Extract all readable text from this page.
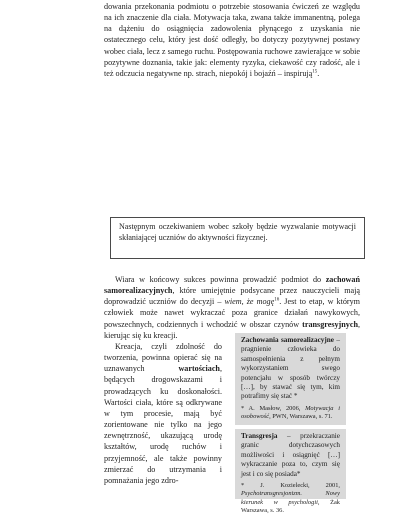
dowania przekonania podmiotu o potrzebie stosowania ćwiczeń ze względu na ich znaczenie dla ciała. Motywacja taka, zwana także immanentną, polega na dążeniu do osiągnięcia zadowolenia płynącego z uzyskania nie ostatecznego celu, który jest dość odległy, bo dotyczy pozytywnej postawy wobec ciała, lecz z samego ruchu. Postępowania ruchowe zawierające w sobie pozytywne doznania, takie jak: elementy ryzyka, ciekawość czy radość, ale i też odczucia negatywne np. strach, niepokój i bojaźń – inspirują$^{15}$.

Następnym oczekiwaniem wobec szkoły będzie wyzwalanie motywacji skłaniającej uczniów do aktywności fizycznej.

Wiara w końcowy sukces powinna prowadzić podmiot do zachowań samorealizacyjnych, które umiejętnie podsycane przez nauczycieli mają doprowadzić uczniów do decyzji – wiem, że mogę$^{16}$. Jest to etap, w którym człowiek może nawet wykraczać poza granice działań nawykowych, powszechnych, codziennych i wchodzić w obszar czynów transgresyjnych, kierując się ku kreacji.

Kreacja, czyli zdolność do tworzenia, powinna opierać się na uznawanych wartościach, będących drogowskazami i prowadzących ku doskonałości. Wartości ciała, które są odkrywane w tym procesie, mają być zorientowane nie tylko na jego zewnętrzność, ukazującą urodę kształtów, urodę ruchów i przyjemność, ale także powinny zmierzać do utrzymania i pomnażania jego zdro-

Zachowania samorealizacyjne – pragnienie człowieka do samospełnienia z pełnym wykorzystaniem swego potencjału w sposób twórczy […], by stawać się tym, kim potrafimy się stać *

* A. Masłow, 2006, Motywacja i osobowość, PWN, Warszawa, s. 71.

Transgresja – przekraczanie granic dotychczasowych możliwości i osiągnięć […] wykraczanie poza to, czym się jest i co się posiada*

* J. Kozielecki, 2001, Psychotransgresjonizm. Nowy kierunek w psychologii, Żak Warszawa, s. 36.
